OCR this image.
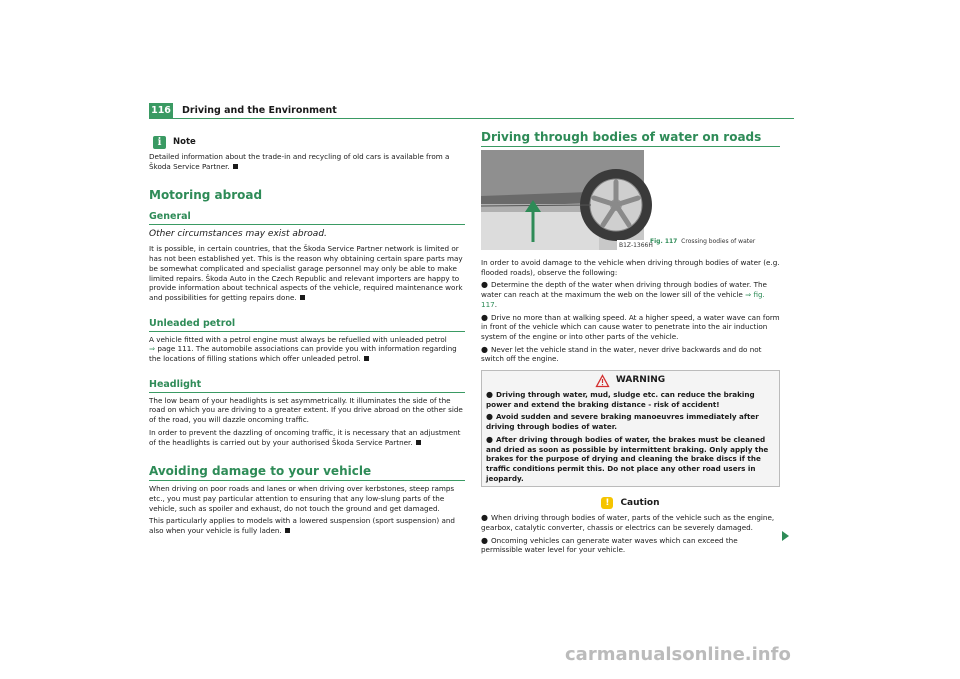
116 Driving and the Environment
i	Note

Detailed information about the trade-in and recycling of old cars is available from a Škoda Service Partner.

Motoring abroad
General
Other circumstances may exist abroad.

It is possible, in certain countries, that the Škoda Service Partner network is limited or has not been established yet. This is the reason why obtaining certain spare parts may be somewhat complicated and specialist garage personnel may only be able to make limited repairs. Škoda Auto in the Czech Republic and relevant importers are happy to provide information about technical aspects of the vehicle, required maintenance work and possibilities for getting repairs done.

Unleaded petrol

A vehicle fitted with a petrol engine must always be refuelled with unleaded petrol
⇒ page 111. The automobile associations can provide you with information regarding the locations of filling stations which offer unleaded petrol.

Headlight

The low beam of your headlights is set asymmetrically. It illuminates the side of the road on which you are driving to a greater extent. If you drive abroad on the other side of the road, you will dazzle oncoming traffic.

In order to prevent the dazzling of oncoming traffic, it is necessary that an adjustment of the headlights is carried out by your authorised Škoda Service Partner.

Avoiding damage to your vehicle

When driving on poor roads and lanes or when driving over kerbstones, steep ramps etc., you must pay particular attention to ensuring that any low-slung parts of the vehicle, such as spoiler and exhaust, do not touch the ground and get damaged.

This particularly applies to models with a lowered suspension (sport suspension) and also when your vehicle is fully laden.

Driving through bodies of water on roads
B1Z-1366H
Fig. 117 Crossing bodies of water

In order to avoid damage to the vehicle when driving through bodies of water (e.g. flooded roads), observe the following:

● Determine the depth of the water when driving through bodies of water. The water can reach at the maximum the web on the lower sill of the vehicle ⇒ fig. 117.

● Drive no more than at walking speed. At a higher speed, a water wave can form in front of the vehicle which can cause water to penetrate into the air induction system of the engine or into other parts of the vehicle.

● Never let the vehicle stand in the water, never drive backwards and do not switch off the engine.

WARNING

● Driving through water, mud, sludge etc. can reduce the braking power and extend the braking distance - risk of accident!

● Avoid sudden and severe braking manoeuvres immediately after driving through bodies of water.

● After driving through bodies of water, the brakes must be cleaned and dried as soon as possible by intermittent braking. Only apply the brakes for the purpose of drying and cleaning the brake discs if the traffic conditions permit this. Do not place any other road users in jeopardy.

!	Caution

● When driving through bodies of water, parts of the vehicle such as the engine, gearbox, catalytic converter, chassis or electrics can be severely damaged.

● Oncoming vehicles can generate water waves which can exceed the permissible water level for your vehicle.

carmanualsonline.info
